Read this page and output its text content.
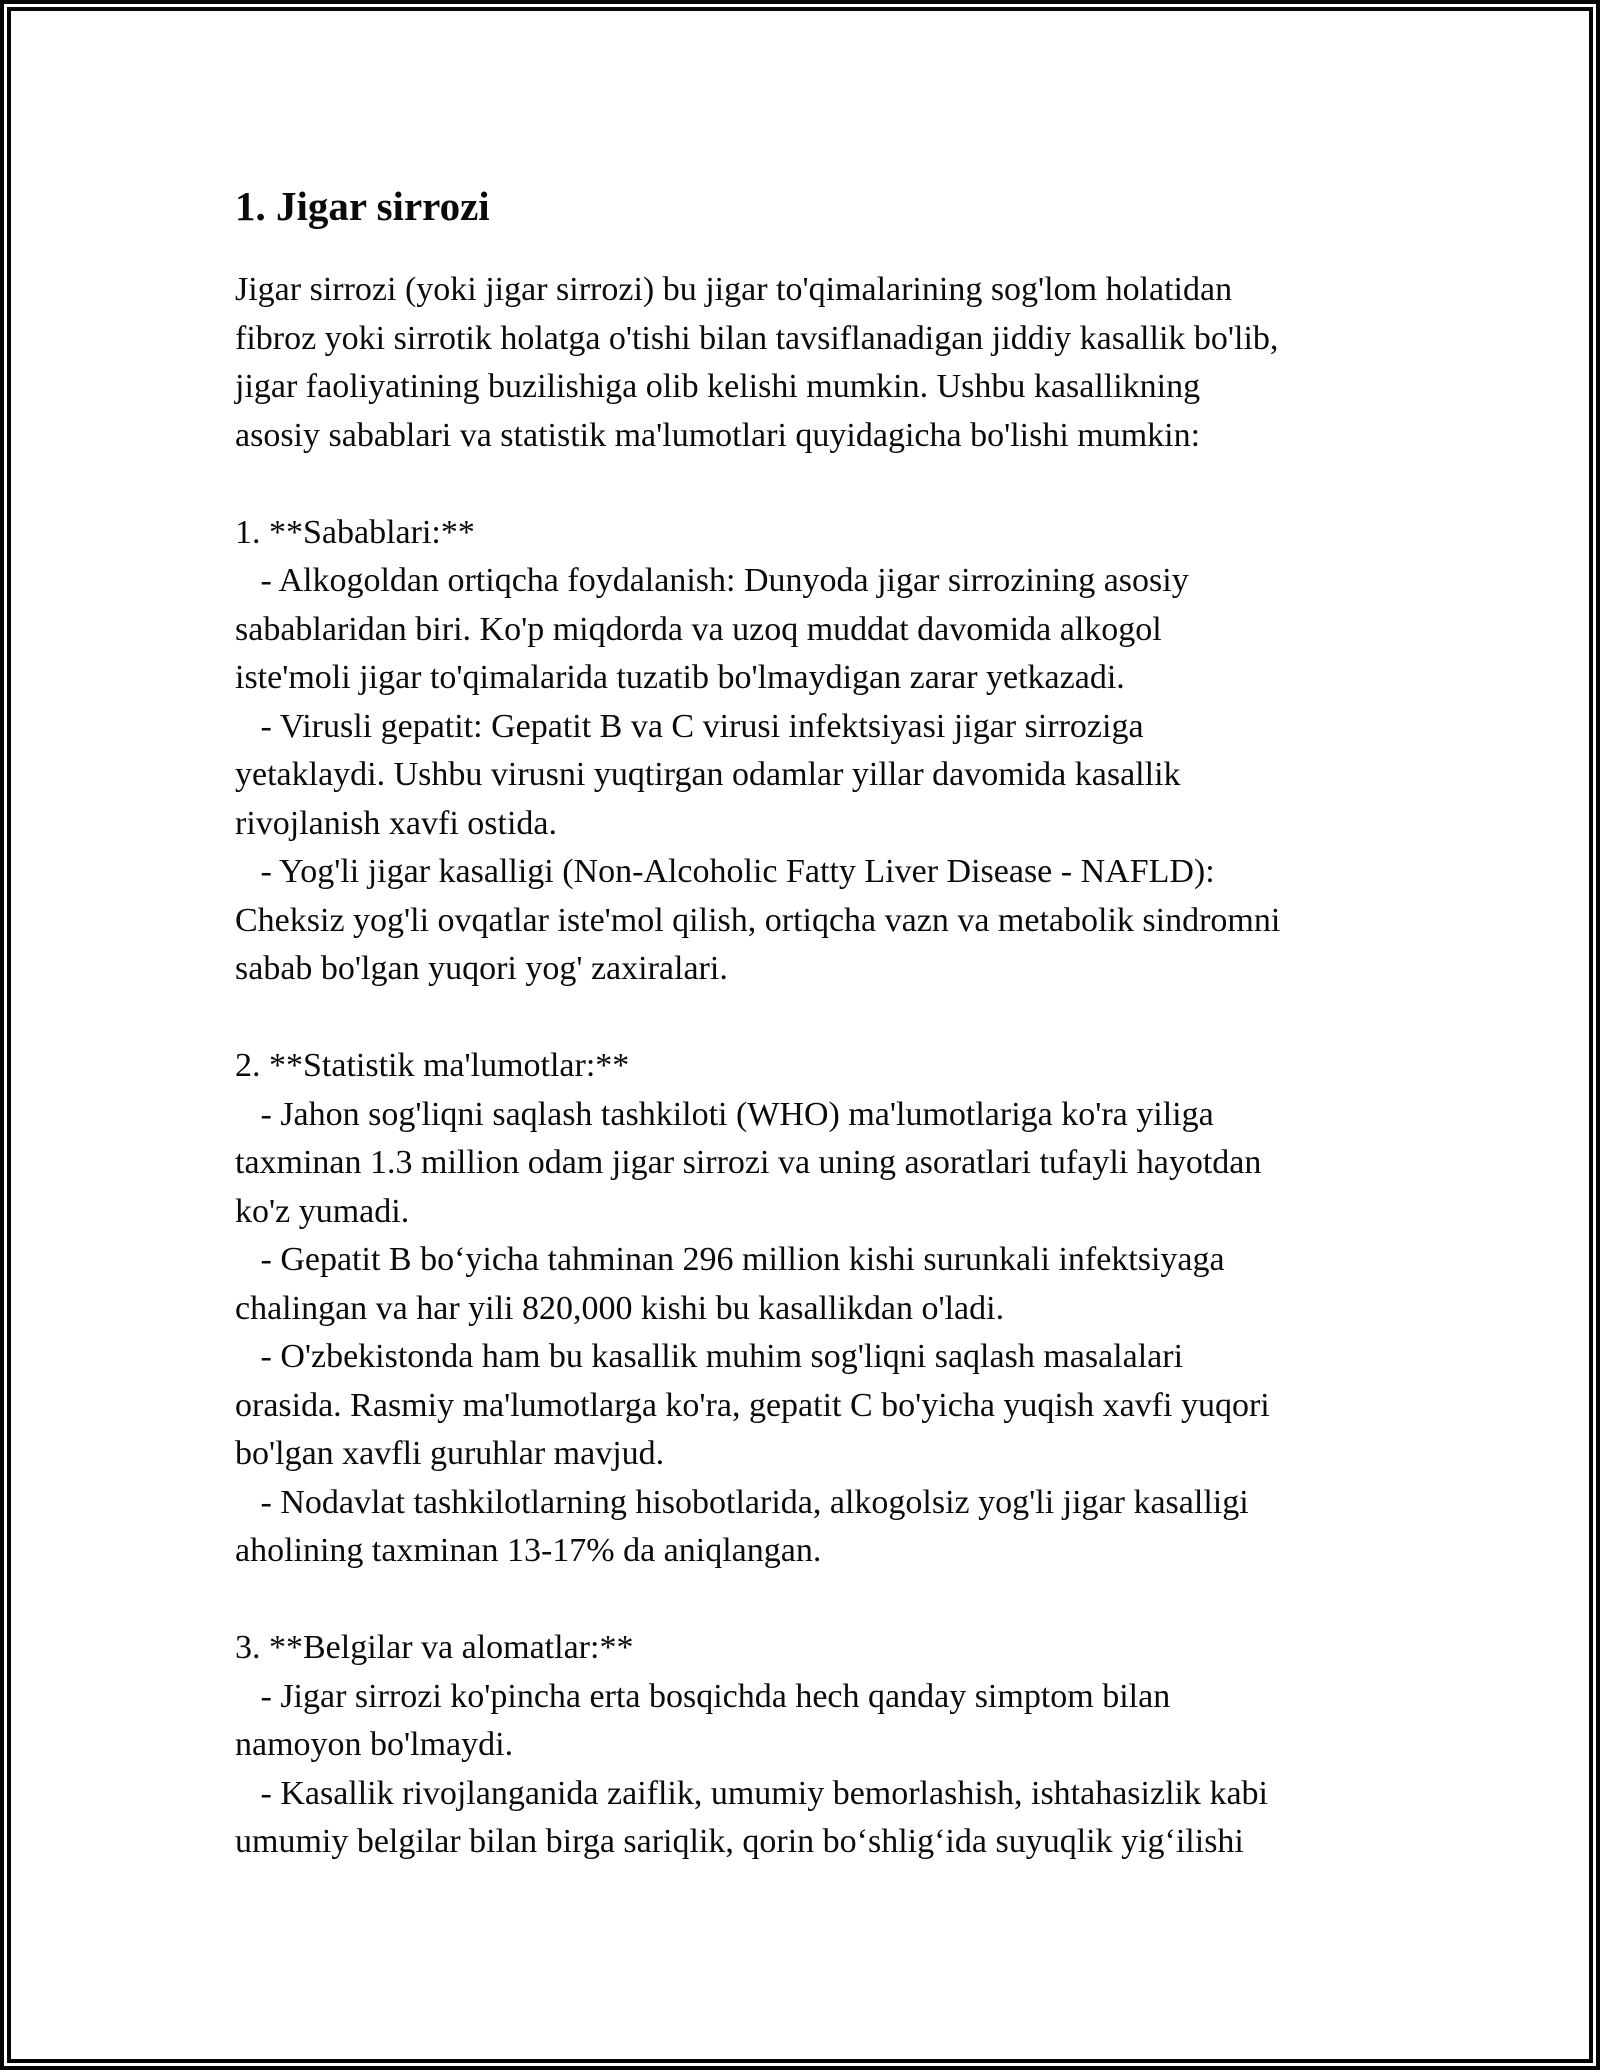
1. Jigar sirrozi
Jigar sirrozi (yoki jigar sirrozi) bu jigar to'qimalarining sog'lom holatidan
fibroz yoki sirrotik holatga o'tishi bilan tavsiflanadigan jiddiy kasallik bo'lib,
jigar faoliyatining buzilishiga olib kelishi mumkin. Ushbu kasallikning
asosiy sabablari va statistik ma'lumotlari quyidagicha bo'lishi mumkin:
1. **Sabablari:**
- Alkogoldan ortiqcha foydalanish: Dunyoda jigar sirrozining asosiy
sabablaridan biri. Ko'p miqdorda va uzoq muddat davomida alkogol
iste'moli jigar to'qimalarida tuzatib bo'lmaydigan zarar yetkazadi.
- Virusli gepatit: Gepatit B va C virusi infektsiyasi jigar sirroziga
yetaklaydi. Ushbu virusni yuqtirgan odamlar yillar davomida kasallik
rivojlanish xavfi ostida.
- Yog'li jigar kasalligi (Non-Alcoholic Fatty Liver Disease - NAFLD):
Cheksiz yog'li ovqatlar iste'mol qilish, ortiqcha vazn va metabolik sindromni
sabab bo'lgan yuqori yog' zaxiralari.
2. **Statistik ma'lumotlar:**
- Jahon sog'liqni saqlash tashkiloti (WHO) ma'lumotlariga ko'ra yiliga
taxminan 1.3 million odam jigar sirrozi va uning asoratlari tufayli hayotdan
ko'z yumadi.
- Gepatit B bo‘yicha tahminan 296 million kishi surunkali infektsiyaga
chalingan va har yili 820,000 kishi bu kasallikdan o'ladi.
- O'zbekistonda ham bu kasallik muhim sog'liqni saqlash masalalari
orasida. Rasmiy ma'lumotlarga ko'ra, gepatit C bo'yicha yuqish xavfi yuqori
bo'lgan xavfli guruhlar mavjud.
- Nodavlat tashkilotlarning hisobotlarida, alkogolsiz yog'li jigar kasalligi
aholining taxminan 13-17% da aniqlangan.
3. **Belgilar va alomatlar:**
- Jigar sirrozi ko'pincha erta bosqichda hech qanday simptom bilan
namoyon bo'lmaydi.
- Kasallik rivojlanganida zaiflik, umumiy bemorlashish, ishtahasizlik kabi
umumiy belgilar bilan birga sariqlik, qorin bo‘shlig‘ida suyuqlik yig‘ilishi
